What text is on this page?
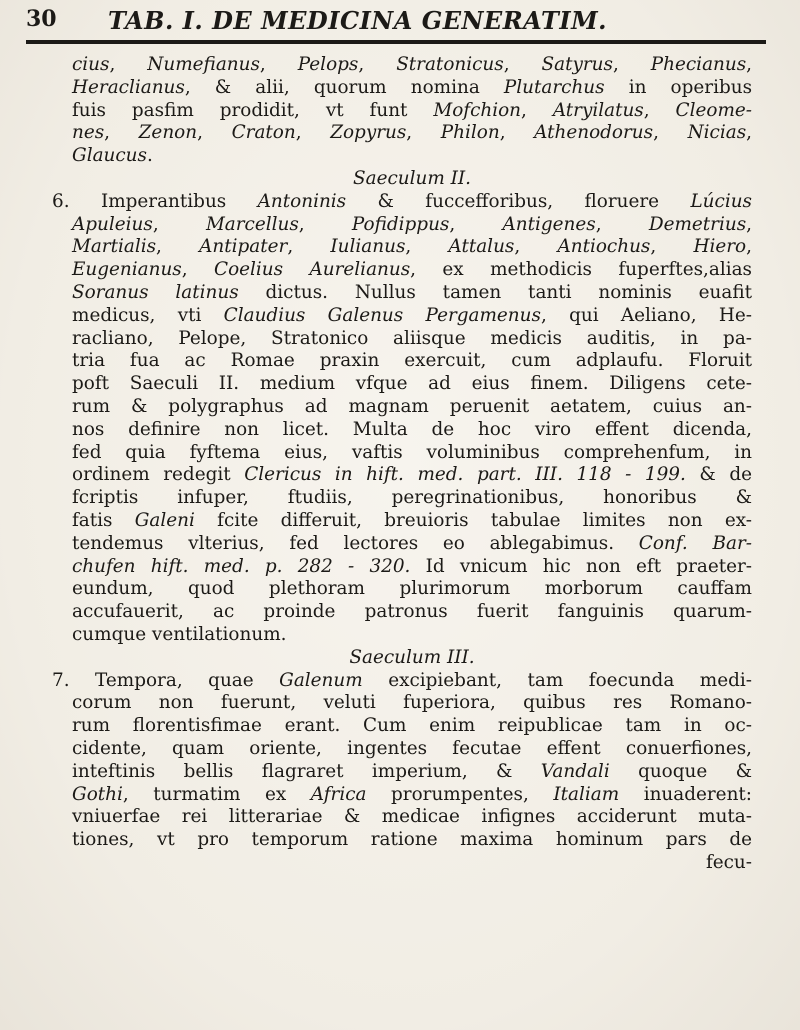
30 TAB. I. DE MEDICINA GENERATIM.
cius, Numefianus, Pelops, Stratonicus, Satyrus, Phecianus,
Heraclianus, & alii, quorum nomina Plutarchus in operibus
fuis pasfim prodidit, vt funt Mofchion, Atryilatus, Cleome-
nes, Zenon, Craton, Zopyrus, Philon, Athenodorus, Nicias,
Glaucus.
Saeculum II.
6. Imperantibus Antoninis & fuccefforibus, floruere Lúcius
Apuleius, Marcellus, Pofidippus, Antigenes, Demetrius,
Martialis, Antipater, Iulianus, Attalus, Antiochus, Hiero,
Eugenianus, Coelius Aurelianus, ex methodicis fuperftes,alias
Soranus latinus dictus. Nullus tamen tanti nominis euafit
medicus, vti Claudius Galenus Pergamenus, qui Aeliano, He-
racliano, Pelope, Stratonico aliisque medicis auditis, in pa-
tria fua ac Romae praxin exercuit, cum adplaufu. Floruit
poft Saeculi II. medium vfque ad eius finem. Diligens cete-
rum & polygraphus ad magnam peruenit aetatem, cuius an-
nos definire non licet. Multa de hoc viro effent dicenda,
fed quia fyftema eius, vaftis voluminibus comprehenfum, in
ordinem redegit Clericus in hift. med. part. III. 118 - 199. & de
fcriptis infuper, ftudiis, peregrinationibus, honoribus &
fatis Galeni fcite differuit, breuioris tabulae limites non ex-
tendemus vlterius, fed lectores eo ablegabimus. Conf. Bar-
chufen hift. med. p. 282 - 320. Id vnicum hic non eft praeter-
eundum, quod plethoram plurimorum morborum cauffam
accufauerit, ac proinde patronus fuerit fanguinis quarum-
cumque ventilationum.
Saeculum III.
7. Tempora, quae Galenum excipiebant, tam foecunda medi-
corum non fuerunt, veluti fuperiora, quibus res Romano-
rum florentisfimae erant. Cum enim reipublicae tam in oc-
cidente, quam oriente, ingentes fecutae effent conuerfiones,
inteftinis bellis flagraret imperium, & Vandali quoque &
Gothi, turmatim ex Africa prorumpentes, Italiam inuaderent:
vniuerfae rei litterariae & medicae infignes acciderunt muta-
tiones, vt pro temporum ratione maxima hominum pars de
fecu-
